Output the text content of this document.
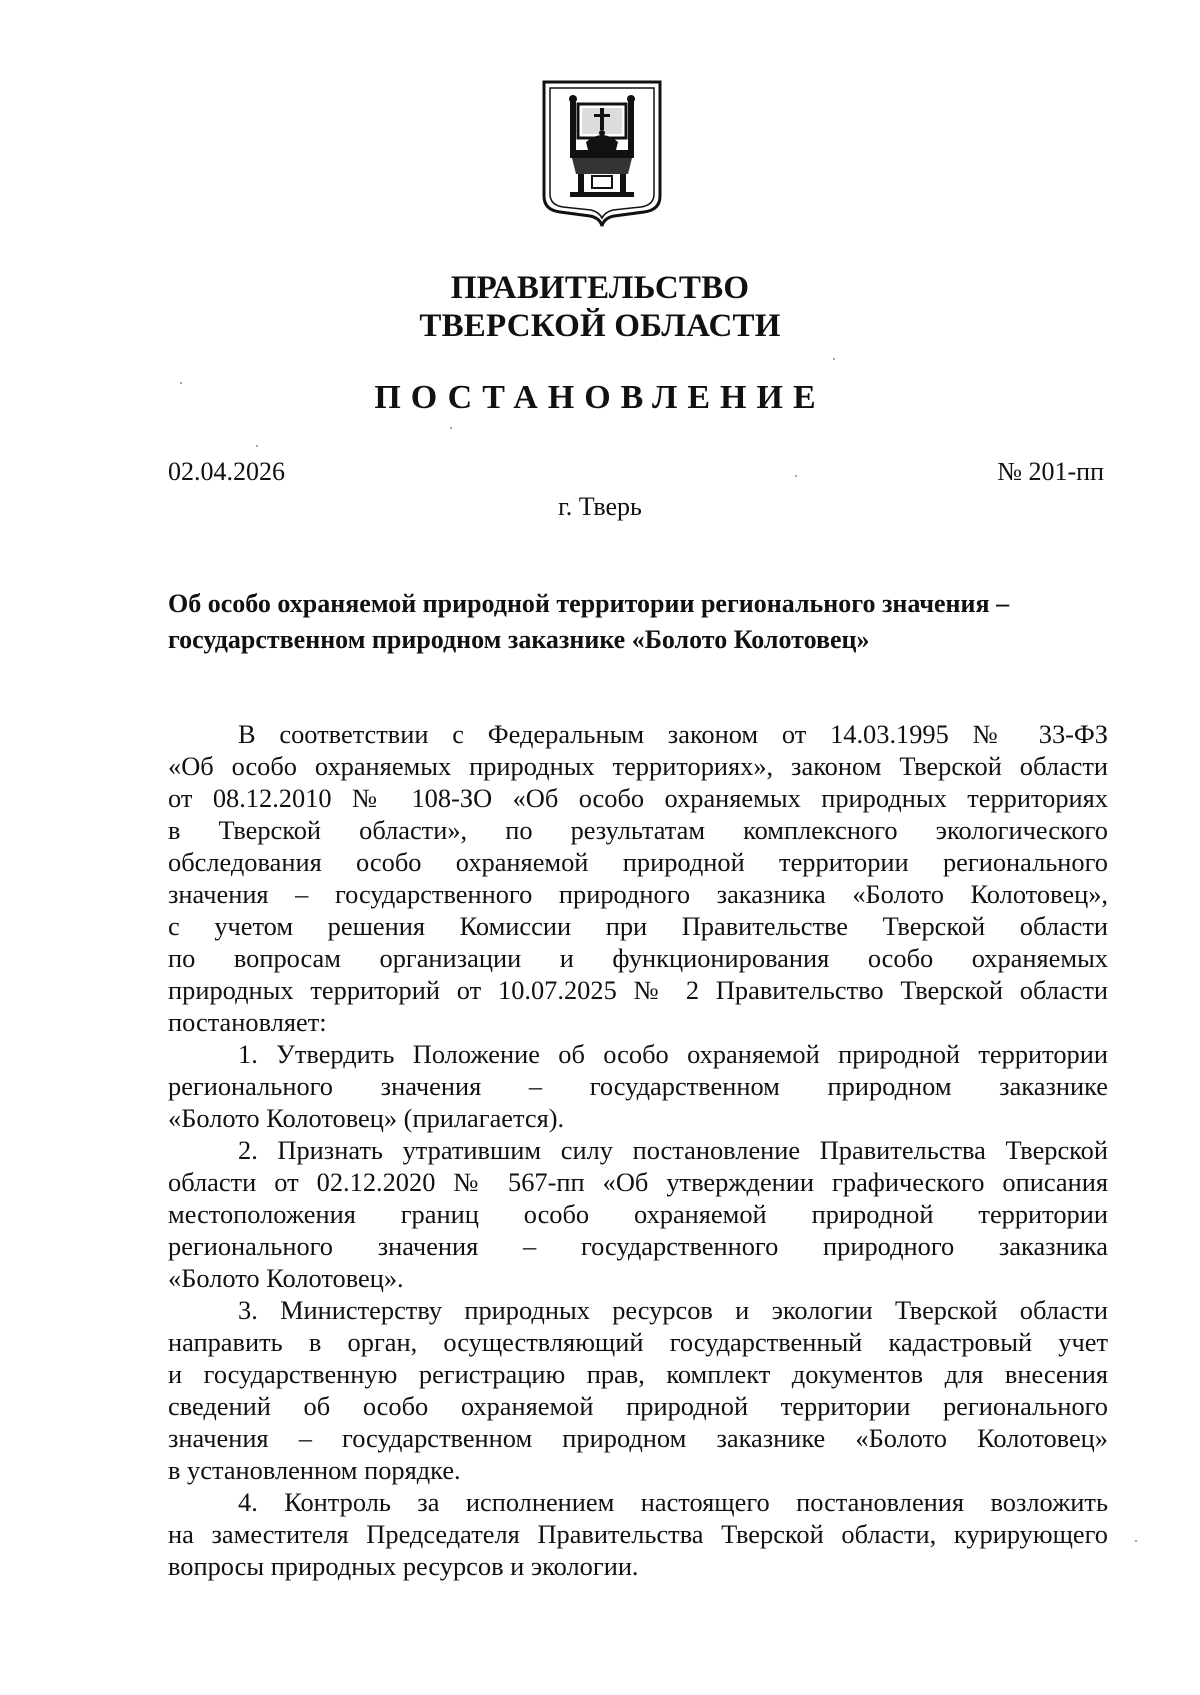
ПРАВИТЕЛЬСТВО
ТВЕРСКОЙ ОБЛАСТИ
ПОСТАНОВЛЕНИЕ
02.04.2026	№ 201-пп
г. Тверь
Об особо охраняемой природной территории регионального значения –
государственном природном заказнике «Болото Колотовец»
В соответствии с Федеральным законом от 14.03.1995 № 33-ФЗ
«Об особо охраняемых природных территориях», законом Тверской области
от 08.12.2010 № 108-ЗО «Об особо охраняемых природных территориях
в Тверской области», по результатам комплексного экологического
обследования особо охраняемой природной территории регионального
значения – государственного природного заказника «Болото Колотовец»,
с учетом решения Комиссии при Правительстве Тверской области
по вопросам организации и функционирования особо охраняемых
природных территорий от 10.07.2025 № 2 Правительство Тверской области
постановляет:
1. Утвердить Положение об особо охраняемой природной территории
регионального значения – государственном природном заказнике
«Болото Колотовец» (прилагается).
2. Признать утратившим силу постановление Правительства Тверской
области от 02.12.2020 № 567-пп «Об утверждении графического описания
местоположения границ особо охраняемой природной территории
регионального значения – государственного природного заказника
«Болото Колотовец».
3. Министерству природных ресурсов и экологии Тверской области
направить в орган, осуществляющий государственный кадастровый учет
и государственную регистрацию прав, комплект документов для внесения
сведений об особо охраняемой природной территории регионального
значения – государственном природном заказнике «Болото Колотовец»
в установленном порядке.
4. Контроль за исполнением настоящего постановления возложить
на заместителя Председателя Правительства Тверской области, курирующего
вопросы природных ресурсов и экологии.
